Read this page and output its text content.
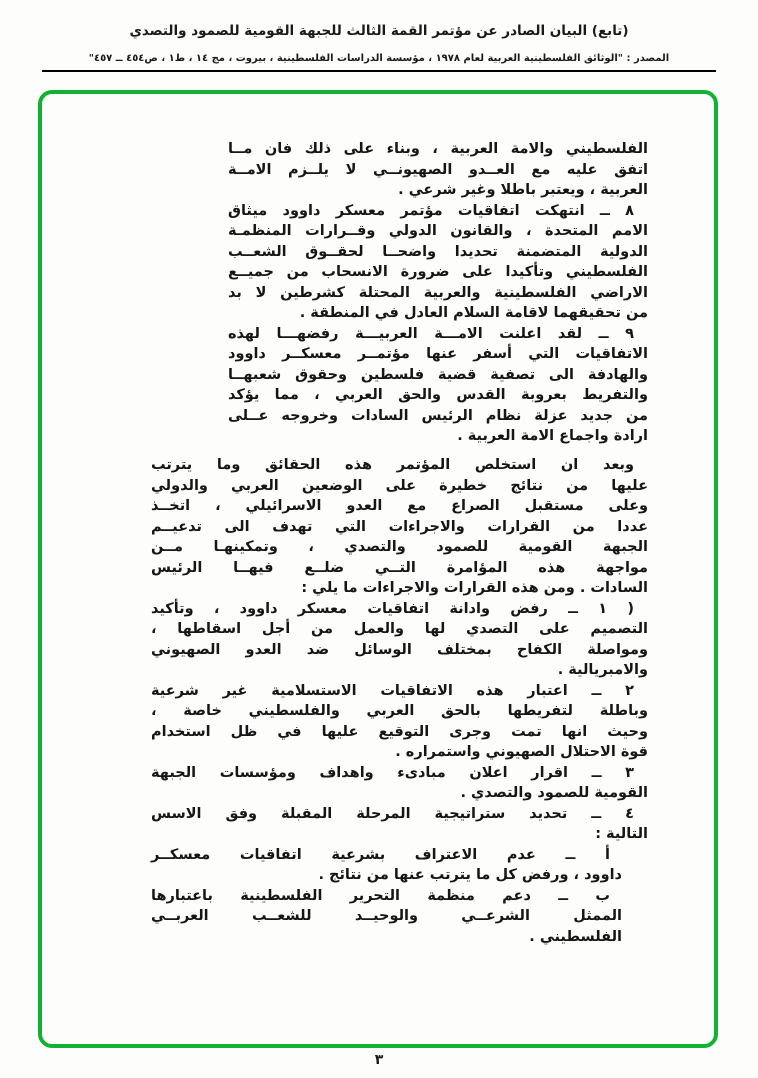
(تابع) البيان الصادر عن مؤتمر القمة الثالث للجبهة القومية للصمود والتصدي
المصدر : "الوثائق الفلسطينية العربية لعام ١٩٧٨ ، مؤسسة الدراسات الفلسطينية ، بيروت ، مج ١٤ ، ط١ ، ص٤٥٤ ــ ٤٥٧"
الفلسطيني والامة العربية ، وبناء على ذلك فان مــا
اتفق عليه مع العــدو الصهيونــي لا يلــزم الامــة
العربية ، ويعتبر باطلا وغير شرعي .
٨ ــ انتهكت اتفاقيات مؤتمر معسكر داوود ميثاق
الامم المتحدة ، والقانون الدولي وقــرارات المنظمـة
الدولية المتضمنة تحديدا واضحــا لحقــوق الشعــب
الفلسطيني وتأكيدا على ضرورة الانسحاب من جميــع
الاراضي الفلسطينية والعربية المحتلة كشرطين لا بد
من تحقيقهما لاقامة السلام العادل في المنطقة .
٩ ــ لقد اعلنت الامـــة العربيـــة رفضهـــا لهذه
الاتفاقيات التي أسفر عنها مؤتمــر معسكــر داوود
والهادفة الى تصفية قضية فلسطين وحقوق شعبهــا
والتفريط بعروبة القدس والحق العربي ، مما يؤكد
من جديد عزلة نظام الرئيس السادات وخروجه عــلى
ارادة واجماع الامة العربية .
وبعد ان استخلص المؤتمر هذه الحقائق وما يترتب
عليها من نتائج خطيرة على الوضعين العربي والدولي
وعلى مستقبل الصراع مع العدو الاسرائيلي ، اتخــذ
عددا من القرارات والاجراءات التي تهدف الى تدعيــم
الجبهة القومية للصمود والتصدي ، وتمكينهـا مــن
مواجهة هذه المؤامرة التــي ضلــع فيهــا الرئيس
السادات . ومن هذه القرارات والاجراءات ما يلي :
( ١ ــ رفض وادانة اتفاقيات معسكر داوود ، وتأكيد
التصميم على التصدي لها والعمل من أجل اسقاطها ،
ومواصلة الكفاح بمختلف الوسائل ضد العدو الصهيوني
والامبريالية .
٢ ــ اعتبار هذه الاتفاقيات الاستسلامية غير شرعية
وباطلة لتفريطها بالحق العربي والفلسطيني خاصة ،
وحيث انها تمت وجرى التوقيع عليها في ظل استخدام
قوة الاحتلال الصهيوني واستمراره .
٣ ــ اقرار اعلان مبادىء واهداف ومؤسسات الجبهة
القومية للصمود والتصدي .
٤ ــ تحديد ستراتيجية المرحلة المقبلة وفق الاسس
التالية :
أ ــ عدم الاعتراف بشرعية اتفاقيات معسكــر
داوود ، ورفض كل ما يترتب عنها من نتائج .
ب ــ دعم منظمة التحرير الفلسطينية باعتبارها
الممثل الشرعــي والوحيــد للشعــب العربــي
الفلسطيني .
٣
